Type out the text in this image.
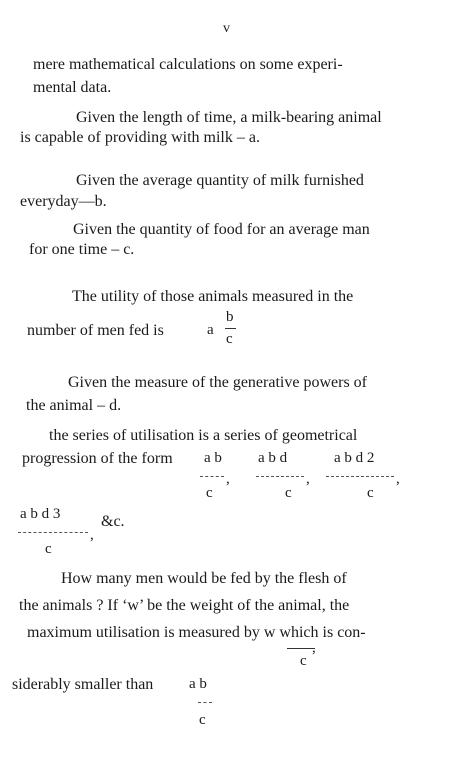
v
mere mathematical calculations on some experi-
mental data.
Given the length of time, a milk-bearing animal
is capable of providing with milk – a.
Given the average quantity of milk furnished
everyday—b.
Given the quantity of food for an average man
for one time – c.
The utility of those animals measured in the
number of men fed is	a
b
c
Given the measure of the generative powers of
the animal – d.
the series of utilisation is a series of geometrical
progression of the form a b
,
c
a b d
,
c
a b d 2
,
c
a b d 3
,
c
&c.
How many men would be fed by the flesh of
the animals ? If ‘w’ be the weight of the animal, the
maximum utilisation is measured by w which is con-
,
c
siderably smaller than a b
c
